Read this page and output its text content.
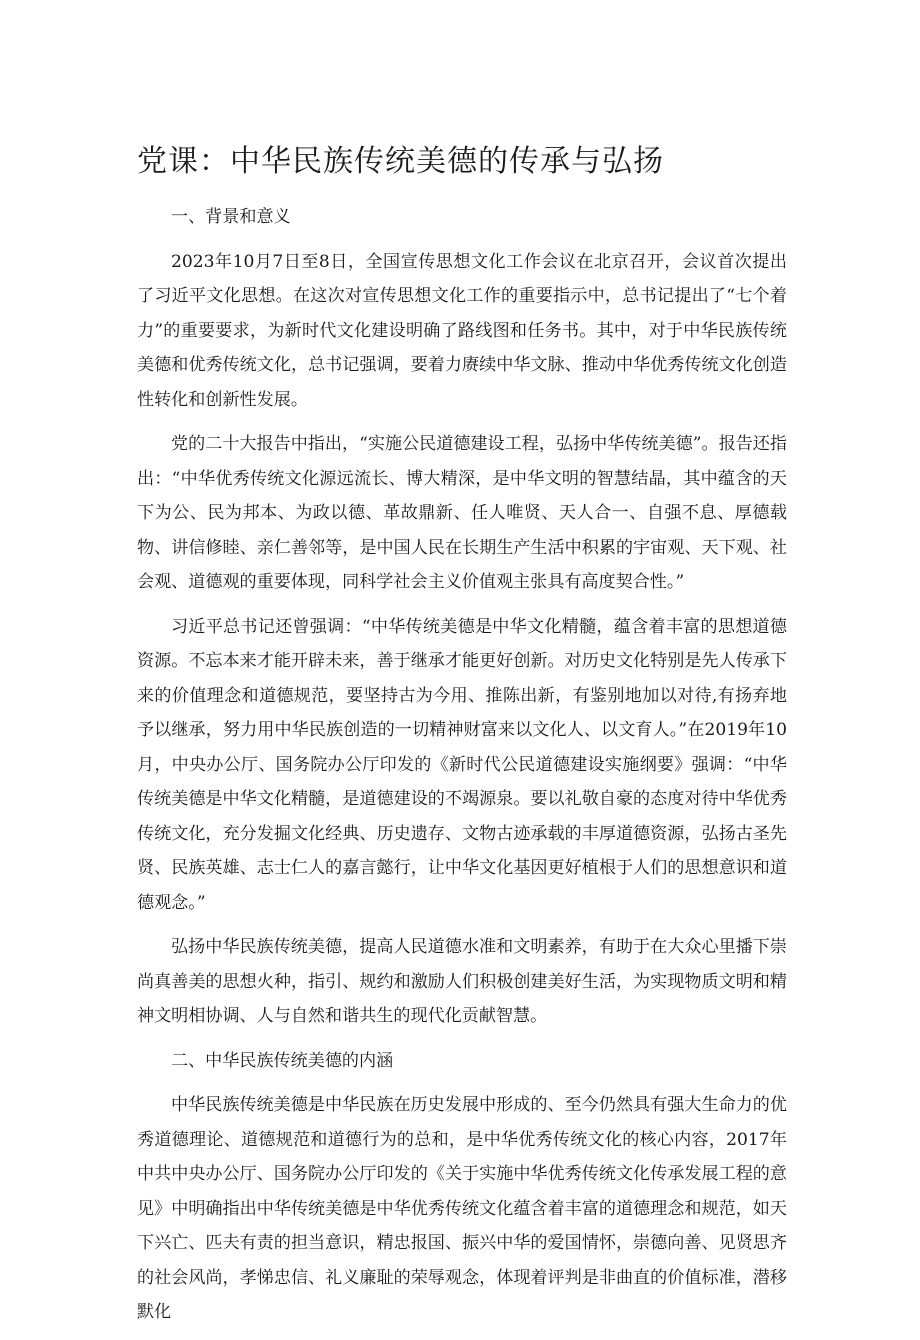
党课：中华民族传统美德的传承与弘扬

一、背景和意义

2023年10月7日至8日，全国宣传思想文化工作会议在北京召开，会议首次提出了习近平文化思想。在这次对宣传思想文化工作的重要指示中，总书记提出了“七个着力”的重要要求，为新时代文化建设明确了路线图和任务书。其中，对于中华民族传统美德和优秀传统文化，总书记强调，要着力赓续中华文脉、推动中华优秀传统文化创造性转化和创新性发展。

党的二十大报告中指出，“实施公民道德建设工程，弘扬中华传统美德”。报告还指出：“中华优秀传统文化源远流长、博大精深，是中华文明的智慧结晶，其中蕴含的天下为公、民为邦本、为政以德、革故鼎新、任人唯贤、天人合一、自强不息、厚德载物、讲信修睦、亲仁善邻等，是中国人民在长期生产生活中积累的宇宙观、天下观、社会观、道德观的重要体现，同科学社会主义价值观主张具有高度契合性。”

习近平总书记还曾强调：“中华传统美德是中华文化精髓，蕴含着丰富的思想道德资源。不忘本来才能开辟未来，善于继承才能更好创新。对历史文化特别是先人传承下来的价值理念和道德规范，要坚持古为今用、推陈出新，有鉴别地加以对待,有扬弃地予以继承，努力用中华民族创造的一切精神财富来以文化人、以文育人。”在2019年10月，中央办公厅、国务院办公厅印发的《新时代公民道德建设实施纲要》强调：“中华传统美德是中华文化精髓，是道德建设的不竭源泉。要以礼敬自豪的态度对待中华优秀传统文化，充分发掘文化经典、历史遗存、文物古迹承载的丰厚道德资源，弘扬古圣先贤、民族英雄、志士仁人的嘉言懿行，让中华文化基因更好植根于人们的思想意识和道德观念。”

弘扬中华民族传统美德，提高人民道德水准和文明素养，有助于在大众心里播下崇尚真善美的思想火种，指引、规约和激励人们积极创建美好生活，为实现物质文明和精神文明相协调、人与自然和谐共生的现代化贡献智慧。

二、中华民族传统美德的内涵

中华民族传统美德是中华民族在历史发展中形成的、至今仍然具有强大生命力的优秀道德理论、道德规范和道德行为的总和，是中华优秀传统文化的核心内容，2017年中共中央办公厅、国务院办公厅印发的《关于实施中华优秀传统文化传承发展工程的意见》中明确指出中华传统美德是中华优秀传统文化蕴含着丰富的道德理念和规范，如天下兴亡、匹夫有责的担当意识，精忠报国、振兴中华的爱国情怀，崇德向善、见贤思齐的社会风尚，孝悌忠信、礼义廉耻的荣辱观念，体现着评判是非曲直的价值标准，潜移默化
